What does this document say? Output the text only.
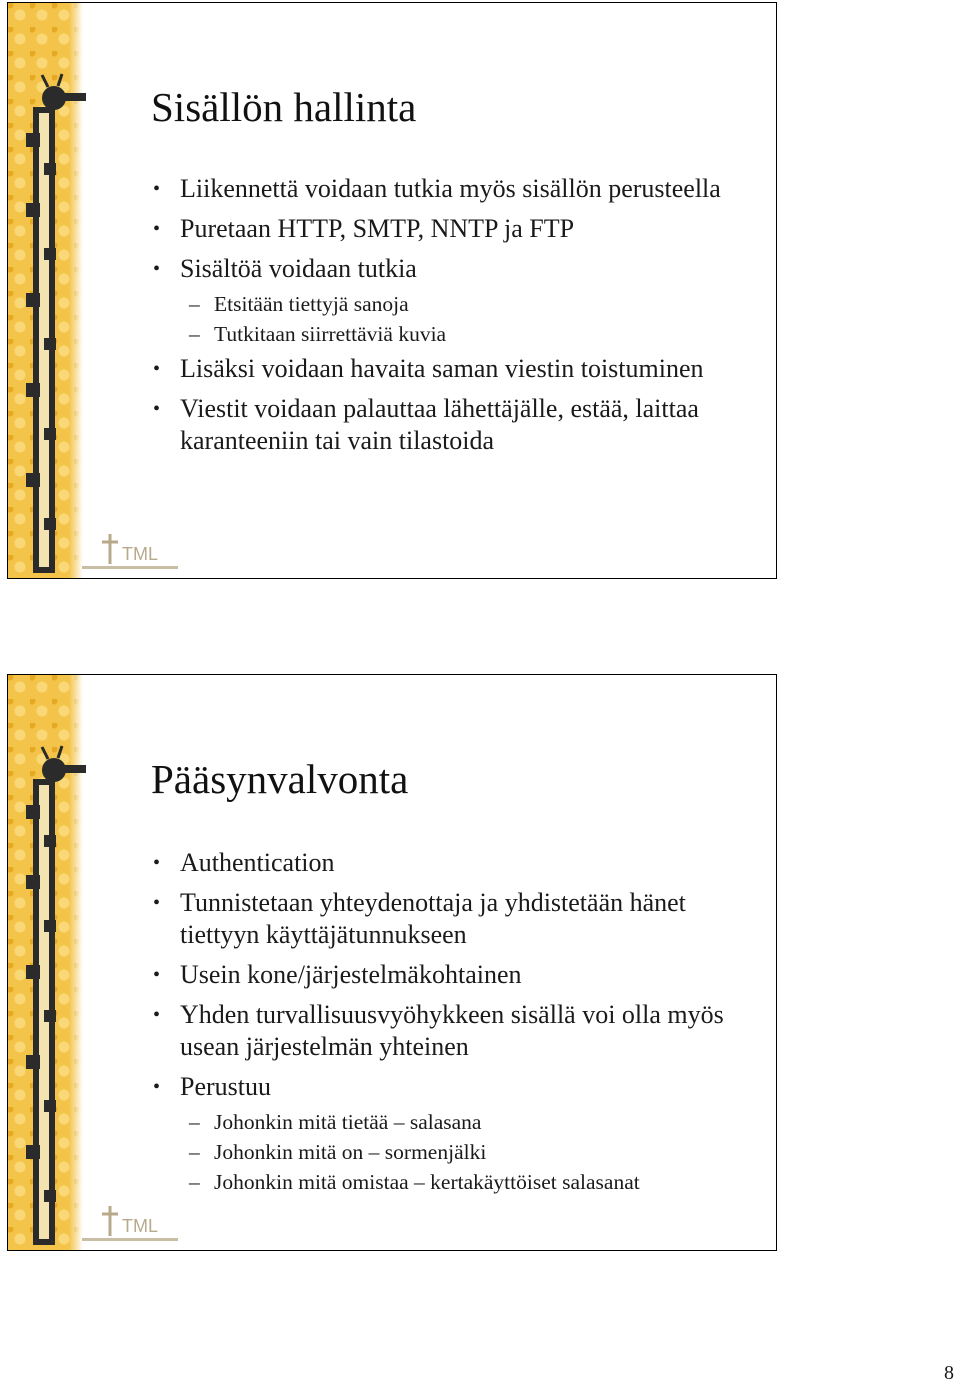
TML
Sisällön hallinta
• Liikennettä voidaan tutkia myös sisällön perusteella
• Puretaan HTTP, SMTP, NNTP ja FTP
• Sisältöä voidaan tutkia
– Etsitään tiettyjä sanoja
– Tutkitaan siirrettäviä kuvia
• Lisäksi voidaan havaita saman viestin toistuminen
• Viestit voidaan palauttaa lähettäjälle, estää, laittaa karanteeniin tai vain tilastoida
TML
Pääsynvalvonta
• Authentication
• Tunnistetaan yhteydenottaja ja yhdistetään hänet tiettyyn käyttäjätunnukseen
• Usein kone/järjestelmäkohtainen
• Yhden turvallisuusvyöhykkeen sisällä voi olla myös usean järjestelmän yhteinen
• Perustuu
– Johonkin mitä tietää – salasana
– Johonkin mitä on – sormenjälki
– Johonkin mitä omistaa – kertakäyttöiset salasanat
8
